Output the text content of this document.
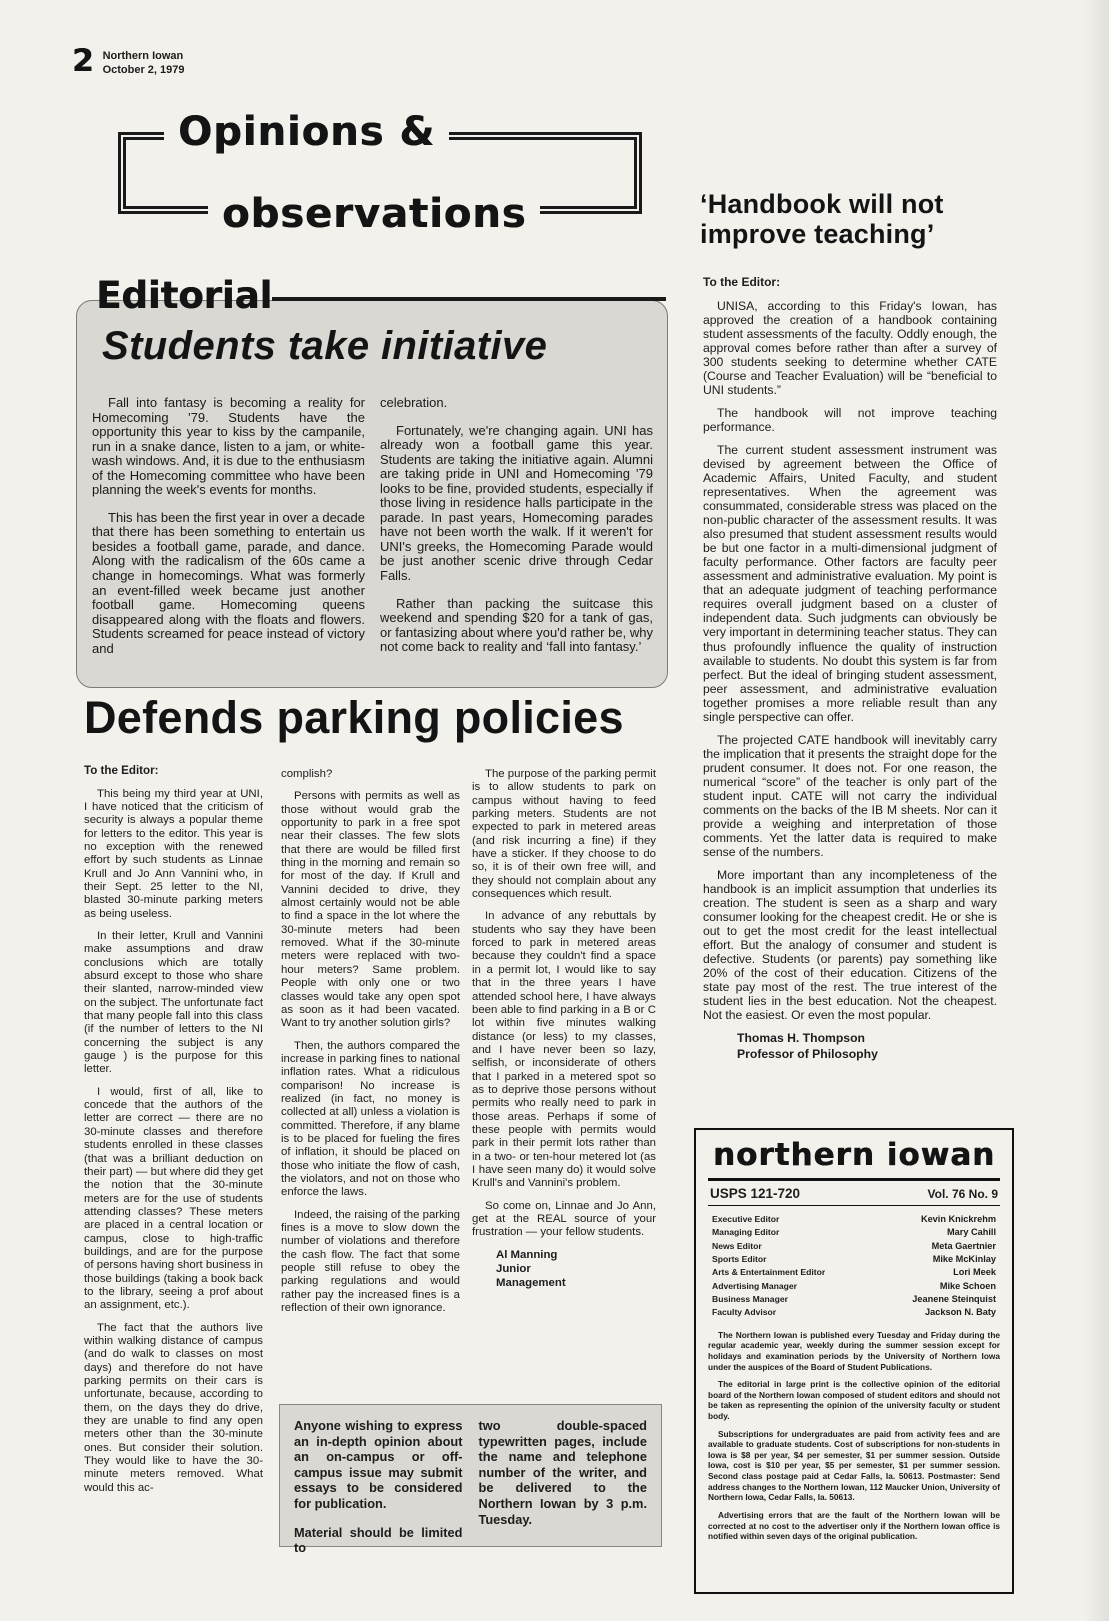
2 Northern Iowan
October 2, 1979
Opinions &
observations	‘Handbook will not improve teaching’

To the Editor:

UNISA, according to this Friday's Iowan, has approved the creation of a handbook containing student assessments of the faculty. Oddly enough, the approval comes before rather than after a survey of 300 students seeking to determine whether CATE (Course and Teacher Evaluation) will be “beneficial to UNI students.”

The handbook will not improve teaching performance.

The current student assessment instrument was devised by agreement between the Office of Academic Affairs, United Faculty, and student representatives. When the agreement was consummated, considerable stress was placed on the non-public character of the assessment results. It was also presumed that student assessment results would be but one factor in a multi-dimensional judgment of faculty performance. Other factors are faculty peer assessment and administrative evaluation. My point is that an adequate judgment of teaching performance requires overall judgment based on a cluster of independent data. Such judgments can obviously be very important in determining teacher status. They can thus profoundly influence the quality of instruction available to students. No doubt this system is far from perfect. But the ideal of bringing student assessment, peer assessment, and administrative evaluation together promises a more reliable result than any single perspective can offer.

The projected CATE handbook will inevitably carry the implication that it presents the straight dope for the prudent consumer. It does not. For one reason, the numerical “score” of the teacher is only part of the student input. CATE will not carry the individual comments on the backs of the IB M sheets. Nor can it provide a weighing and interpretation of those comments. Yet the latter data is required to make sense of the numbers.

More important than any incompleteness of the handbook is an implicit assumption that underlies its creation. The student is seen as a sharp and wary consumer looking for the cheapest credit. He or she is out to get the most credit for the least intellectual effort. But the analogy of consumer and student is defective. Students (or parents) pay something like 20% of the cost of their education. Citizens of the state pay most of the rest. The true interest of the student lies in the best education. Not the cheapest. Not the easiest. Or even the most popular.

Thomas H. Thompson

Professor of Philosophy

Editorial
Students take initiative

Fall into fantasy is becoming a reality for Homecoming '79. Students have the opportunity this year to kiss by the campanile, run in a snake dance, listen to a jam, or white-wash windows. And, it is due to the enthusiasm of the Homecoming committee who have been planning the week's events for months.

This has been the first year in over a decade that there has been something to entertain us besides a football game, parade, and dance. Along with the radicalism of the 60s came a change in homecomings. What was formerly an event-filled week became just another football game. Homecoming queens disappeared along with the floats and flowers. Students screamed for peace instead of victory and

celebration.

Fortunately, we're changing again. UNI has already won a football game this year. Students are taking the initiative again. Alumni are taking pride in UNI and Homecoming '79 looks to be fine, provided students, especially if those living in residence halls participate in the parade. In past years, Homecoming parades have not been worth the walk. If it weren't for UNI's greeks, the Homecoming Parade would be just another scenic drive through Cedar Falls.

Rather than packing the suitcase this weekend and spending $20 for a tank of gas, or fantasizing about where you'd rather be, why not come back to reality and ‘fall into fantasy.’

Defends parking policies

To the Editor:

This being my third year at UNI, I have noticed that the criticism of security is always a popular theme for letters to the editor. This year is no exception with the renewed effort by such students as Linnae Krull and Jo Ann Vannini who, in their Sept. 25 letter to the NI, blasted 30-minute parking meters as being useless.

In their letter, Krull and Vannini make assumptions and draw conclusions which are totally absurd except to those who share their slanted, narrow-minded view on the subject. The unfortunate fact that many people fall into this class (if the number of letters to the NI concerning the subject is any gauge ) is the purpose for this letter.

I would, first of all, like to concede that the authors of the letter are correct — there are no 30-minute classes and therefore students enrolled in these classes (that was a brilliant deduction on their part) — but where did they get the notion that the 30-minute meters are for the use of students attending classes? These meters are placed in a central location or campus, close to high-traffic buildings, and are for the purpose of persons having short business in those buildings (taking a book back to the library, seeing a prof about an assignment, etc.).

The fact that the authors live within walking distance of campus (and do walk to classes on most days) and therefore do not have parking permits on their cars is unfortunate, because, according to them, on the days they do drive, they are unable to find any open meters other than the 30-minute ones. But consider their solution. They would like to have the 30-minute meters removed. What would this ac-

complish?

Persons with permits as well as those without would grab the opportunity to park in a free spot near their classes. The few slots that there are would be filled first thing in the morning and remain so for most of the day. If Krull and Vannini decided to drive, they almost certainly would not be able to find a space in the lot where the 30-minute meters had been removed. What if the 30-minute meters were replaced with two-hour meters? Same problem. People with only one or two classes would take any open spot as soon as it had been vacated. Want to try another solution girls?

Then, the authors compared the increase in parking fines to national inflation rates. What a ridiculous comparison! No increase is realized (in fact, no money is collected at all) unless a violation is committed. Therefore, if any blame is to be placed for fueling the fires of inflation, it should be placed on those who initiate the flow of cash, the violators, and not on those who enforce the laws.

Indeed, the raising of the parking fines is a move to slow down the number of violations and therefore the cash flow. The fact that some people still refuse to obey the parking regulations and would rather pay the increased fines is a reflection of their own ignorance.

The purpose of the parking permit is to allow students to park on campus without having to feed parking meters. Students are not expected to park in metered areas (and risk incurring a fine) if they have a sticker. If they choose to do so, it is of their own free will, and they should not complain about any consequences which result.

In advance of any rebuttals by students who say they have been forced to park in metered areas because they couldn't find a space in a permit lot, I would like to say that in the three years I have attended school here, I have always been able to find parking in a B or C lot within five minutes walking distance (or less) to my classes, and I have never been so lazy, selfish, or inconsiderate of others that I parked in a metered spot so as to deprive those persons without permits who really need to park in those areas. Perhaps if some of these people with permits would park in their permit lots rather than in a two- or ten-hour metered lot (as I have seen many do) it would solve Krull's and Vannini's problem.

So come on, Linnae and Jo Ann, get at the REAL source of your frustration — your fellow students.

Al Manning

Junior

Management

Anyone wishing to express an in-depth opinion about an on-campus or off-campus issue may submit essays to be considered for publication.

Material should be limited to

two double-spaced typewritten pages, include the name and telephone number of the writer, and be delivered to the Northern Iowan by 3 p.m. Tuesday.

northern iowan
USPS 121-720	Vol. 76 No. 9
Executive Editor	Kevin Knickrehm
Managing Editor	Mary Cahill
News Editor	Meta Gaertnier
Sports Editor	Mike McKinlay
Arts & Entertainment Editor	Lori Meek
Advertising Manager	Mike Schoen
Business Manager	Jeanene Steinquist
Faculty Advisor	Jackson N. Baty

The Northern Iowan is published every Tuesday and Friday during the regular academic year, weekly during the summer session except for holidays and examination periods by the University of Northern Iowa under the auspices of the Board of Student Publications.

The editorial in large print is the collective opinion of the editorial board of the Northern Iowan composed of student editors and should not be taken as representing the opinion of the university faculty or student body.

Subscriptions for undergraduates are paid from activity fees and are available to graduate students. Cost of subscriptions for non-students in Iowa is $8 per year, $4 per semester, $1 per summer session. Outside Iowa, cost is $10 per year, $5 per semester, $1 per summer session. Second class postage paid at Cedar Falls, Ia. 50613. Postmaster: Send address changes to the Northern Iowan, 112 Maucker Union, University of Northern Iowa, Cedar Falls, Ia. 50613.

Advertising errors that are the fault of the Northern Iowan will be corrected at no cost to the advertiser only if the Northern Iowan office is notified within seven days of the original publication.
